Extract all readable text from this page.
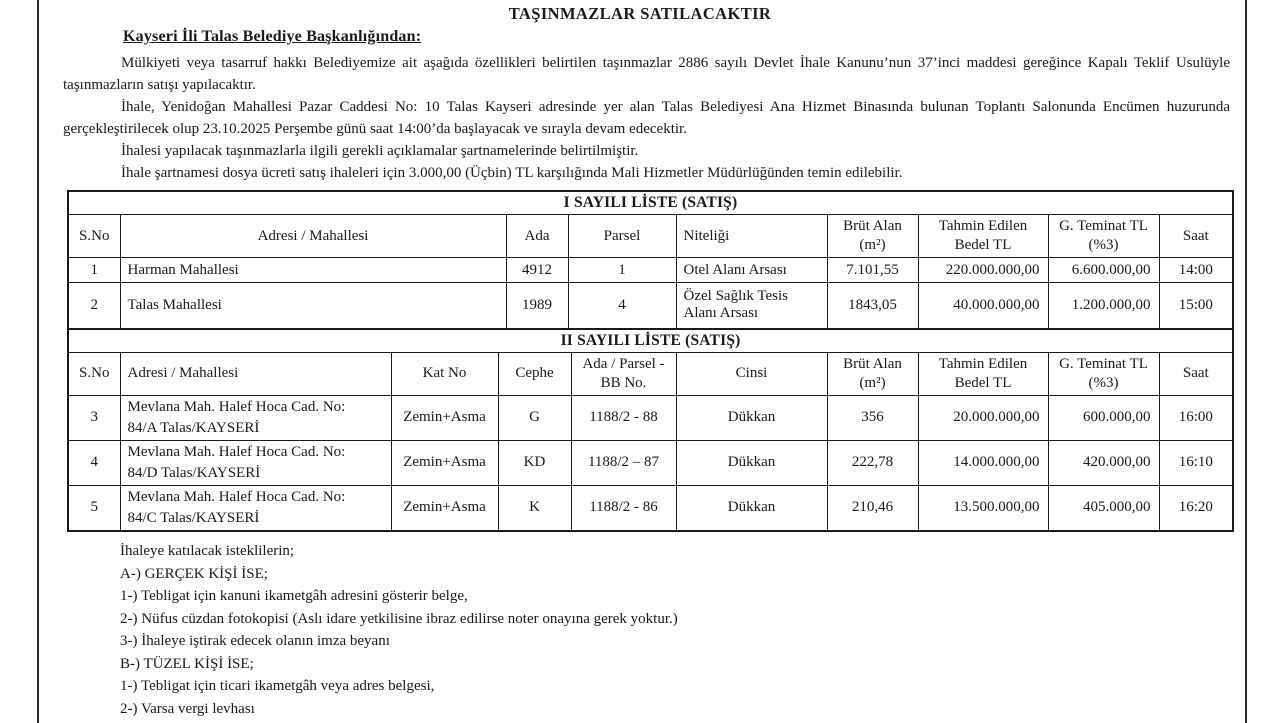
TAŞINMAZLAR SATILACAKTIR
Kayseri İli Talas Belediye Başkanlığından:

Mülkiyeti veya tasarruf hakkı Belediyemize ait aşağıda özellikleri belirtilen taşınmazlar 2886 sayılı Devlet İhale Kanunu’nun 37’inci maddesi gereğince Kapalı Teklif Usulüyle taşınmazların satışı yapılacaktır.

İhale, Yenidoğan Mahallesi Pazar Caddesi No: 10 Talas Kayseri adresinde yer alan Talas Belediyesi Ana Hizmet Binasında bulunan Toplantı Salonunda Encümen huzurunda gerçekleştirilecek olup 23.10.2025 Perşembe günü saat 14:00’da başlayacak ve sırayla devam edecektir.

İhalesi yapılacak taşınmazlarla ilgili gerekli açıklamalar şartnamelerinde belirtilmiştir.

İhale şartnamesi dosya ücreti satış ihaleleri için 3.000,00 (Üçbin) TL karşılığında Mali Hizmetler Müdürlüğünden temin edilebilir.

I SAYILI LİSTE (SATIŞ)								
S.No	Adresi / Mahallesi	Ada	Parsel	Niteliği	Brüt Alan (m²)	Tahmin Edilen Bedel TL	G. Teminat TL (%3)	Saat
1	Harman Mahallesi	4912	1	Otel Alanı Arsası	7.101,55	220.000.000,00	6.600.000,00	14:00
2	Talas Mahallesi	1989	4	Özel Sağlık Tesis Alanı Arsası	1843,05	40.000.000,00	1.200.000,00	15:00
II SAYILI LİSTE (SATIŞ)									
S.No	Adresi / Mahallesi	Kat No	Cephe	Ada / Parsel - BB No.	Cinsi	Brüt Alan (m²)	Tahmin Edilen Bedel TL	G. Teminat TL (%3)	Saat
3	Mevlana Mah. Halef Hoca Cad. No: 84/A Talas/KAYSERİ	Zemin+Asma	G	1188/2 - 88	Dükkan	356	20.000.000,00	600.000,00	16:00
4	Mevlana Mah. Halef Hoca Cad. No: 84/D Talas/KAYSERİ	Zemin+Asma	KD	1188/2 – 87	Dükkan	222,78	14.000.000,00	420.000,00	16:10
5	Mevlana Mah. Halef Hoca Cad. No: 84/C Talas/KAYSERİ	Zemin+Asma	K	1188/2 - 86	Dükkan	210,46	13.500.000,00	405.000,00	16:20
İhaleye katılacak isteklilerin;
A-) GERÇEK KİŞİ İSE;
1-) Tebligat için kanuni ikametgâh adresini gösterir belge,
2-) Nüfus cüzdan fotokopisi (Aslı idare yetkilisine ibraz edilirse noter onayına gerek yoktur.)
3-) İhaleye iştirak edecek olanın imza beyanı
B-) TÜZEL KİŞİ İSE;
1-) Tebligat için ticari ikametgâh veya adres belgesi,
2-) Varsa vergi levhası
